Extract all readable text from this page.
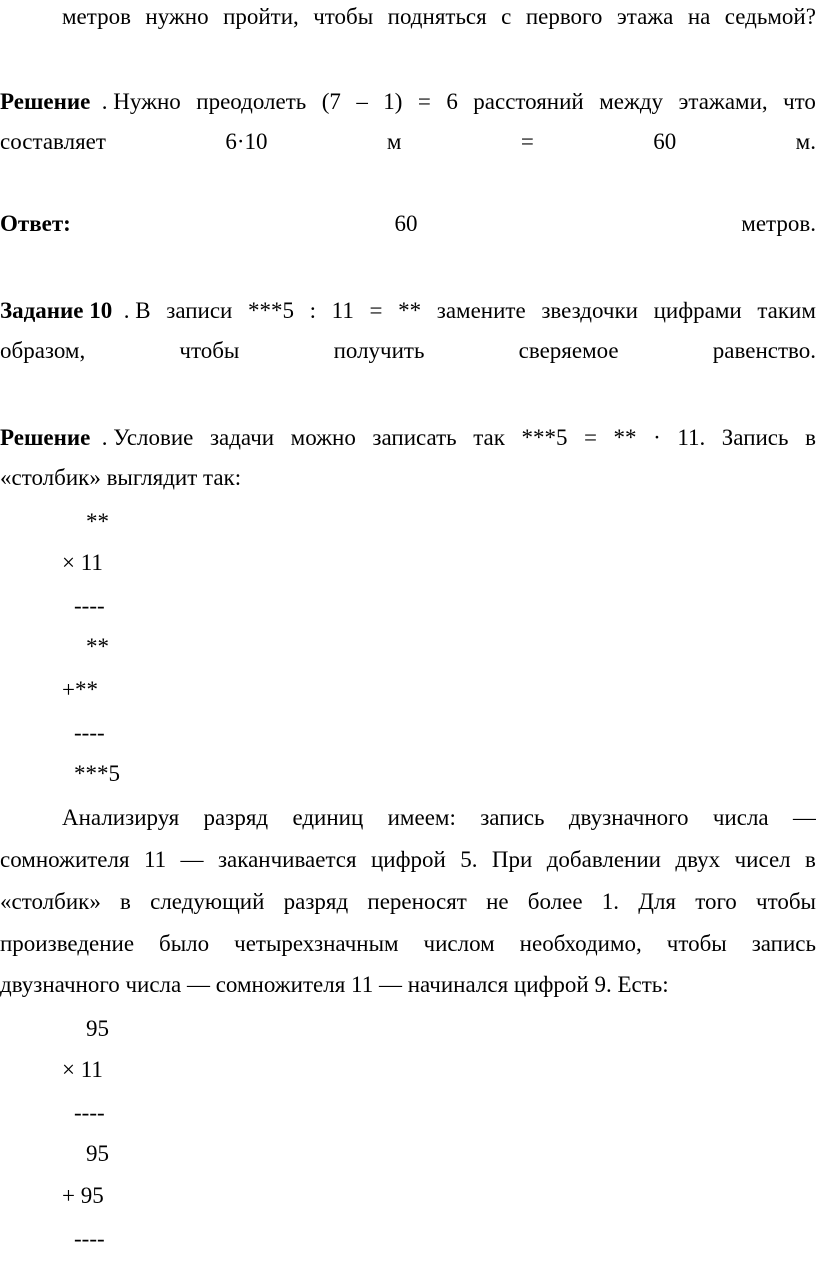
метров нужно пройти, чтобы подняться с первого этажа на седьмой?
Решение . Нужно преодолеть (7 – 1) = 6 расстояний между этажами, что
составляет	6·10	м	=	60	м.
Ответ:	60	метров.
Задание 10 . В записи ***5 : 11 = ** замените звездочки цифрами таким
образом,	чтобы	получить	сверяемое	равенство.
Решение . Условие задачи можно записать так ***5 = ** · 11. Запись в
«столбик» выглядит так:
**
× 11
----
**
+**
----
***5
Анализируя разряд единиц имеем: запись двузначного числа —
сомножителя 11 — заканчивается цифрой 5. При добавлении двух чисел в
«столбик» в следующий разряд переносят не более 1. Для того чтобы
произведение было четырехзначным числом необходимо, чтобы запись
двузначного числа — сомножителя 11 — начинался цифрой 9. Есть:
95
× 11
----
95
+ 95
----
